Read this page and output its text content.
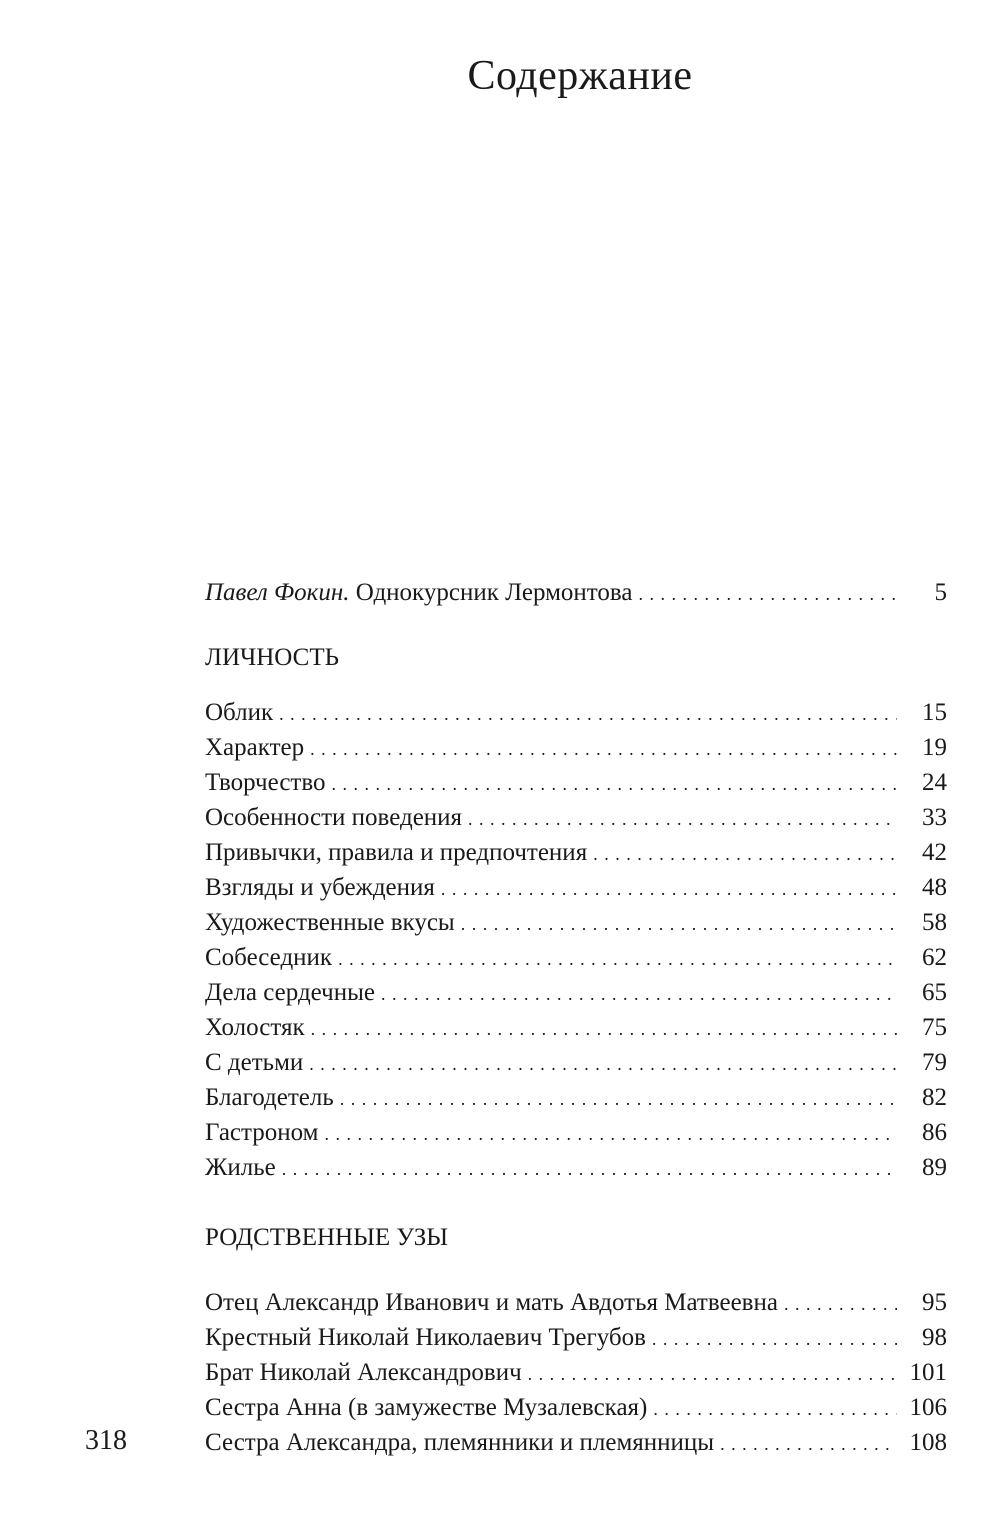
Содержание
Павел Фокин. Однокурсник Лермонтова . . .	5
ЛИЧНОСТЬ
Облик . . .	15
Характер . . .	19
Творчество . . .	24
Особенности поведения . . .	33
Привычки, правила и предпочтения . . .	42
Взгляды и убеждения . . .	48
Художественные вкусы . . .	58
Собеседник . . .	62
Дела сердечные . . .	65
Холостяк . . .	75
С детьми . . .	79
Благодетель . . .	82
Гастроном . . .	86
Жилье . . .	89
РОДСТВЕННЫЕ УЗЫ
Отец Александр Иванович и мать Авдотья Матвеевна . . .	95
Крестный Николай Николаевич Трегубов . . .	98
Брат Николай Александрович . . .	101
Сестра Анна (в замужестве Музалевская) . . .	106
Сестра Александра, племянники и племянницы . . .	108
318
